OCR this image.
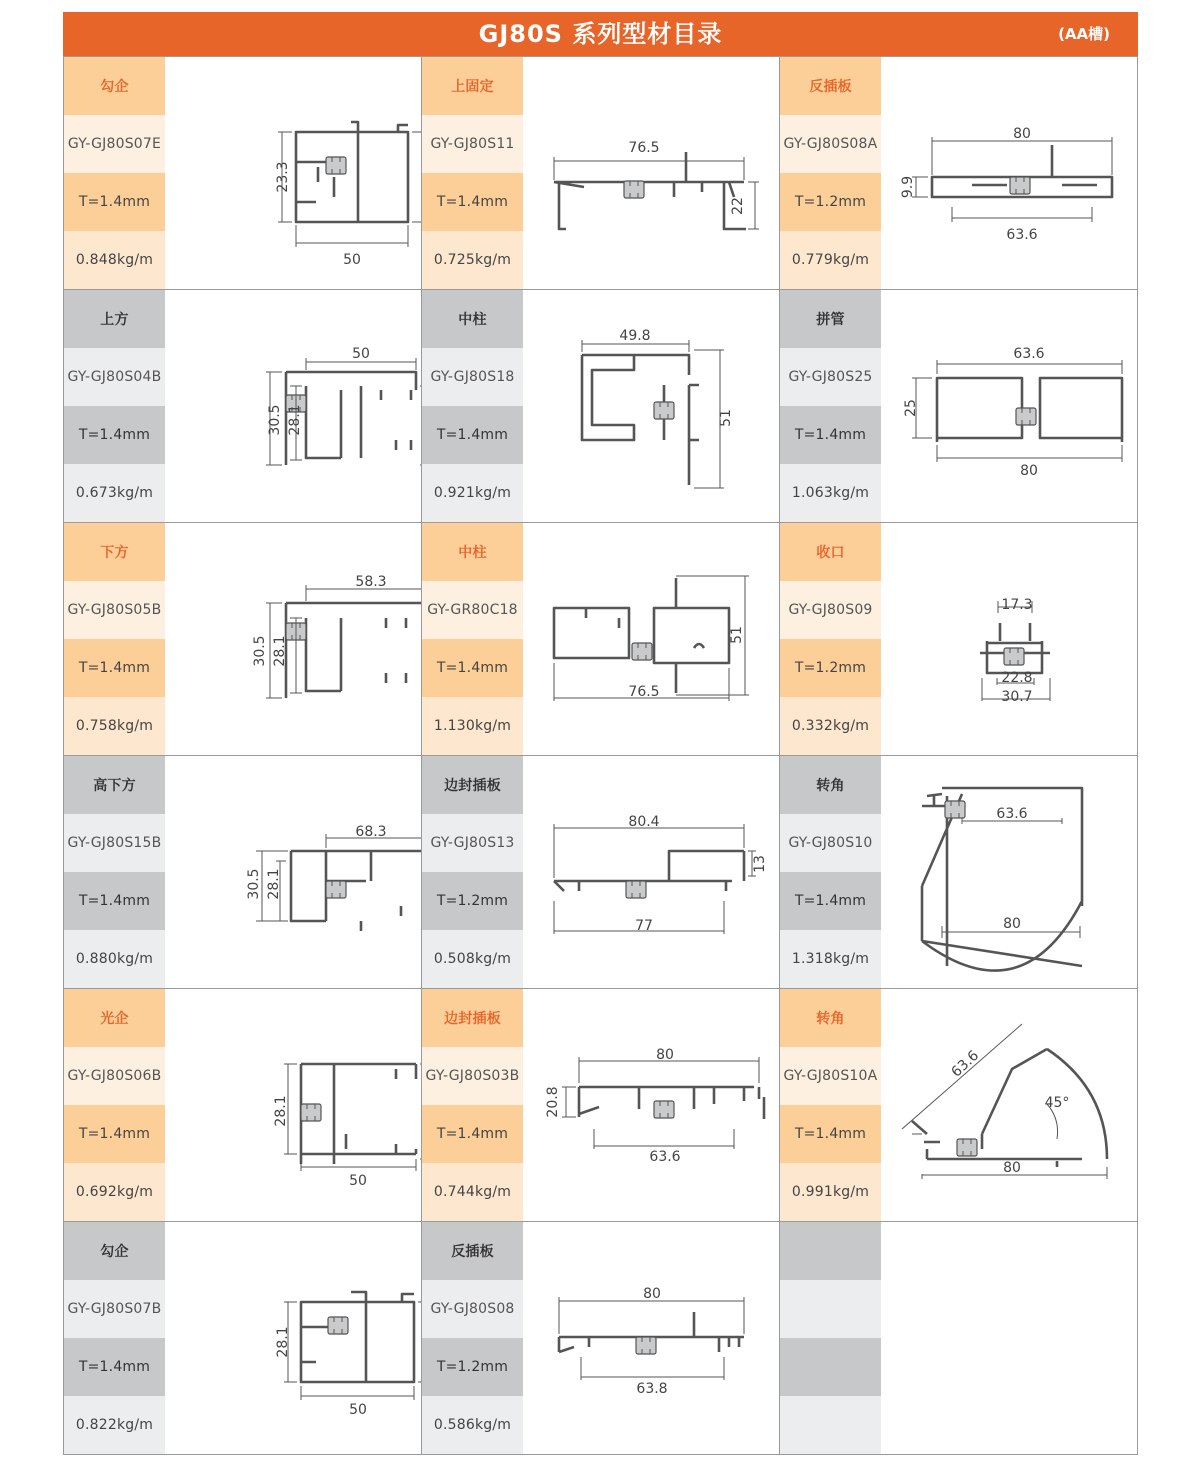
GJ80S 系列型材目录	(AA槽)
勾企
GY-GJ80S07E
T=1.4mm
0.848kg/m	50
23.3
上固定
GY-GJ80S11
T=1.4mm
0.725kg/m
76.5
22
反插板
GY-GJ80S08A
T=1.2mm
0.779kg/m
80
9.9
63.6
上方
GY-GJ80S04B
T=1.4mm
0.673kg/m
50
30.5 28.1
中柱
GY-GJ80S18
T=1.4mm
0.921kg/m
49.8
51
拼管
GY-GJ80S25
T=1.4mm
1.063kg/m
63.6
25
80
下方
GY-GJ80S05B
T=1.4mm
0.758kg/m
58.3
30.5 28.1
中柱
GY-GR80C18
T=1.4mm
1.130kg/m
51
76.5
收口
GY-GJ80S09
T=1.2mm
0.332kg/m
17.3
22.8
30.7
高下方
GY-GJ80S15B
T=1.4mm
0.880kg/m
68.3
30.5 28.1
边封插板
GY-GJ80S13
T=1.2mm
0.508kg/m
80.4
13
77
转角
GY-GJ80S10
T=1.4mm
1.318kg/m
63.6
80
光企
GY-GJ80S06B
T=1.4mm
0.692kg/m
28.1
50
边封插板
GY-GJ80S03B
T=1.4mm
0.744kg/m
80
20.8
63.6
转角
GY-GJ80S10A
T=1.4mm
0.991kg/m
63.6
45°
80
勾企
GY-GJ80S07B
T=1.4mm
0.822kg/m
28.1
50
反插板
GY-GJ80S08
T=1.2mm
0.586kg/m
80
63.8
